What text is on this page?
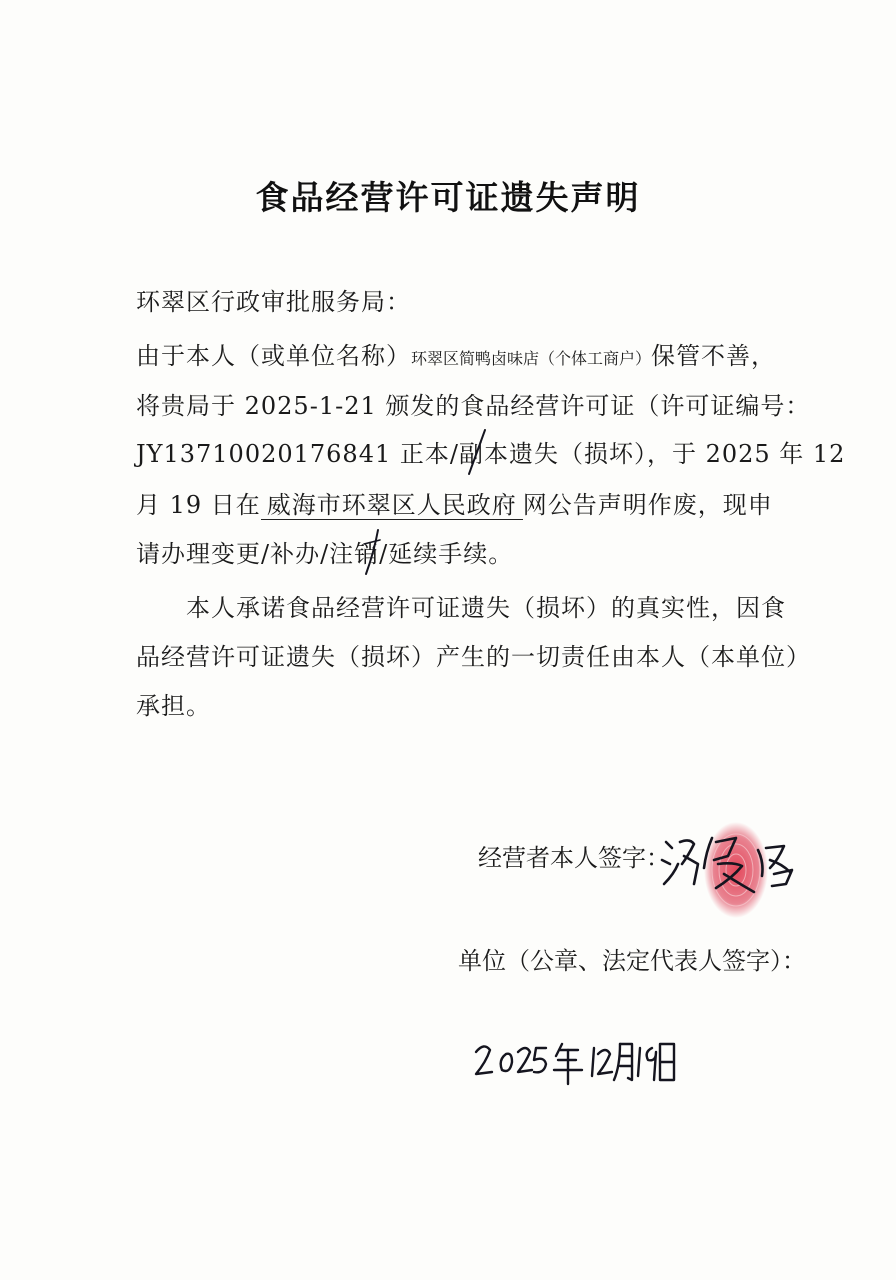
食品经营许可证遗失声明
环翠区行政审批服务局：
由于本人（或单位名称）环翠区简鸭卤味店（个体工商户）保管不善，
将贵局于 2025-1-21 颁发的食品经营许可证（许可证编号：
JY13710020176841 正本/副
本遗失（损坏），于 2025 年 12
月 19 日在 威海市环翠区人民政府 网公告声明作废，现申
请办理变更/补办/注销
/延续手续。
本人承诺食品经营许可证遗失（损坏）的真实性，因食
品经营许可证遗失（损坏）产生的一切责任由本人（本单位）
承担。
经营者本人签字：
单位（公章、法定代表人签字）：
